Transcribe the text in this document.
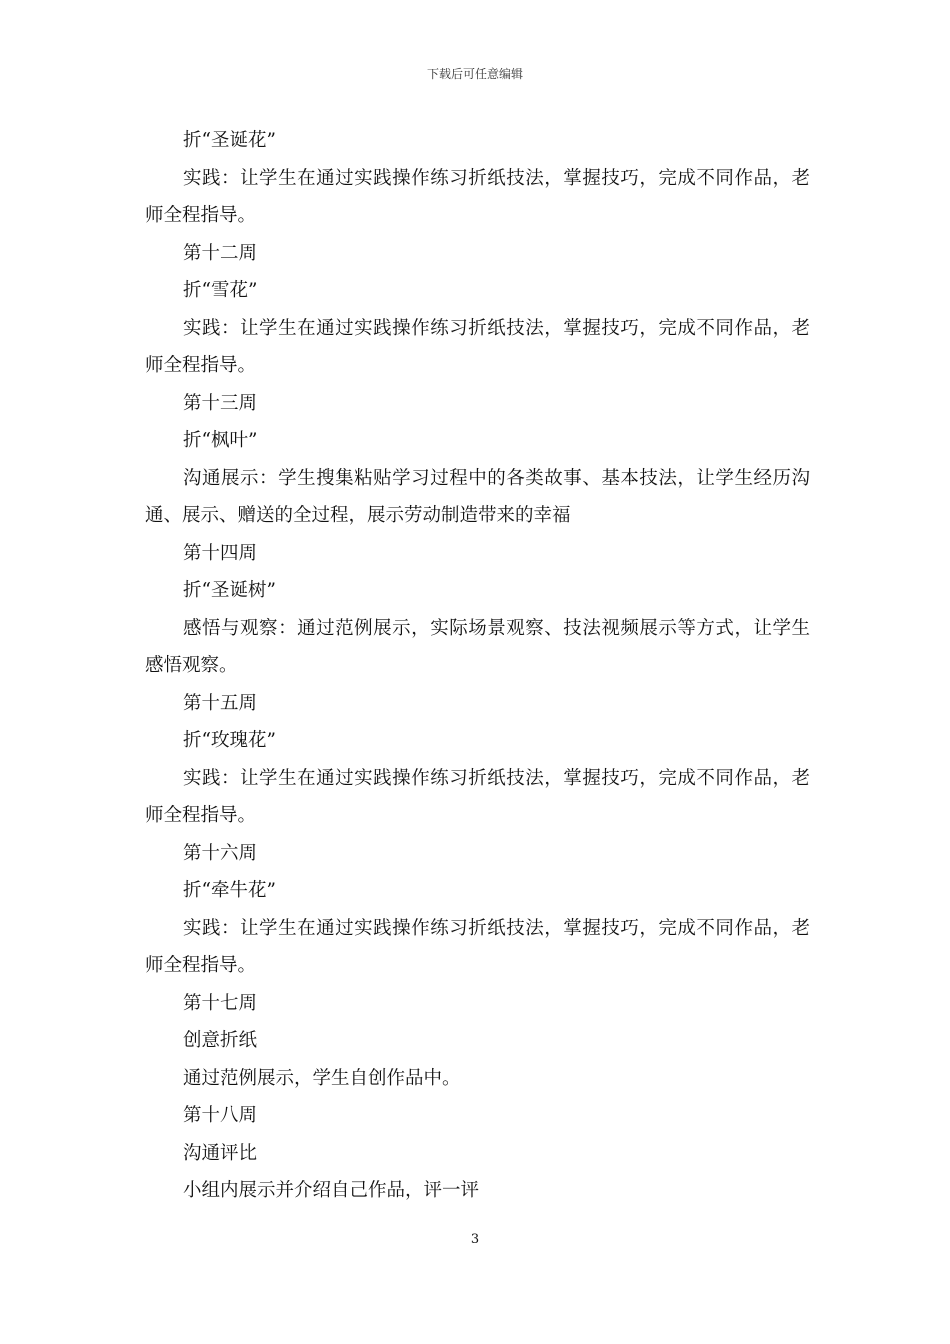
下载后可任意编辑

折“圣诞花”

实践：让学生在通过实践操作练习折纸技法，掌握技巧，完成不同作品，老师全程指导。

第十二周

折“雪花”

实践：让学生在通过实践操作练习折纸技法，掌握技巧，完成不同作品，老师全程指导。

第十三周

折“枫叶”

沟通展示：学生搜集粘贴学习过程中的各类故事、基本技法，让学生经历沟通、展示、赠送的全过程，展示劳动制造带来的幸福

第十四周

折“圣诞树”

感悟与观察：通过范例展示，实际场景观察、技法视频展示等方式，让学生感悟观察。

第十五周

折“玫瑰花”

实践：让学生在通过实践操作练习折纸技法，掌握技巧，完成不同作品，老师全程指导。

第十六周

折“牵牛花”

实践：让学生在通过实践操作练习折纸技法，掌握技巧，完成不同作品，老师全程指导。

第十七周

创意折纸

通过范例展示，学生自创作品中。

第十八周

沟通评比

小组内展示并介绍自己作品，评一评

3
